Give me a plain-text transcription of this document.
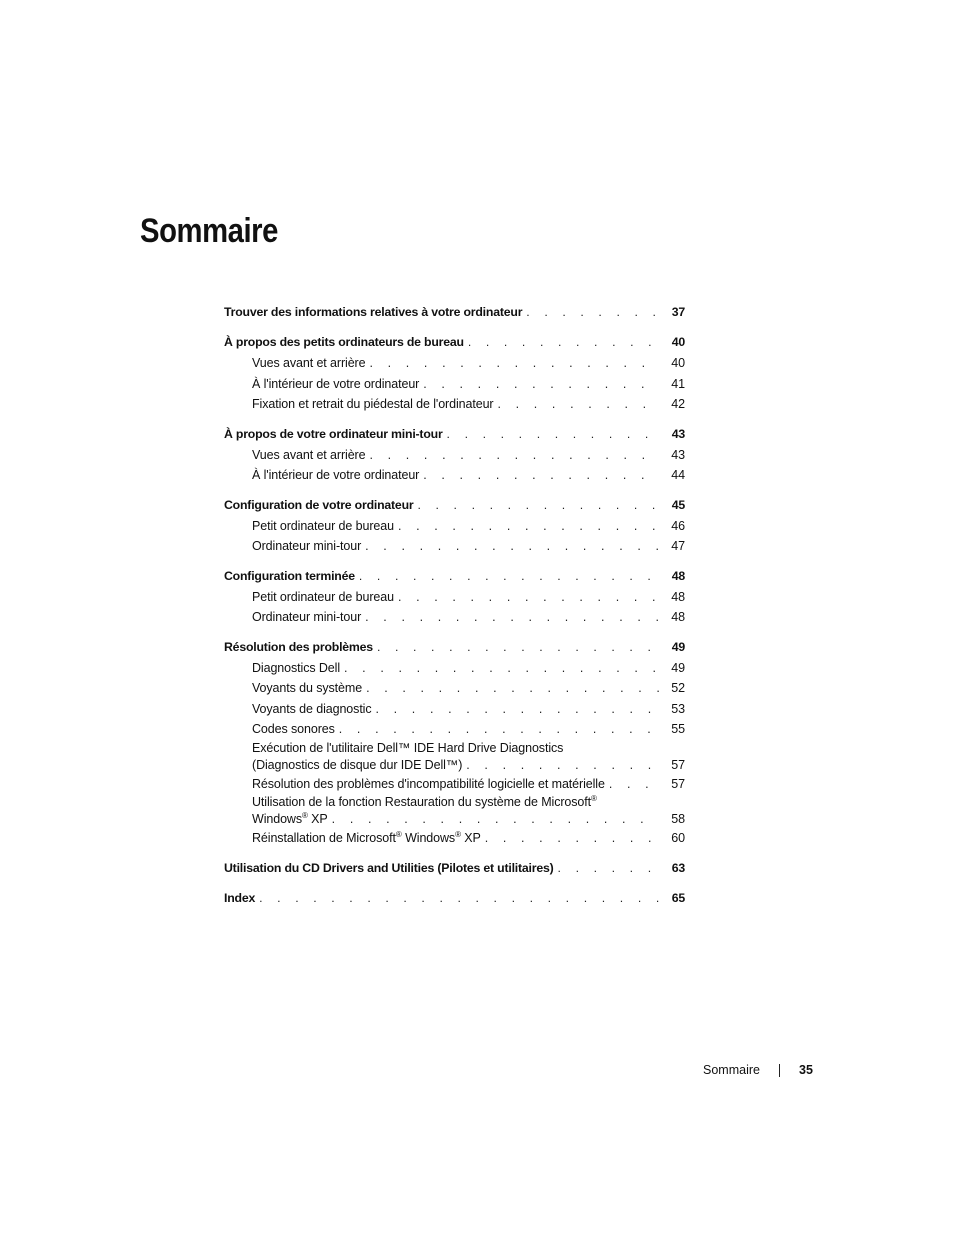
Sommaire
Trouver des informations relatives à votre ordinateur . . .	37
À propos des petits ordinateurs de bureau . . .	40
Vues avant et arrière . . .	40
À l'intérieur de votre ordinateur . . .	41
Fixation et retrait du piédestal de l'ordinateur . . .	42
À propos de votre ordinateur mini-tour . . .	43
Vues avant et arrière . . .	43
À l'intérieur de votre ordinateur . . .	44
Configuration de votre ordinateur . . .	45
Petit ordinateur de bureau . . .	46
Ordinateur mini-tour . . .	47
Configuration terminée . . .	48
Petit ordinateur de bureau . . .	48
Ordinateur mini-tour . . .	48
Résolution des problèmes . . .	49
Diagnostics Dell . . .	49
Voyants du système . . .	52
Voyants de diagnostic . . .	53
Codes sonores . . .	55
Exécution de l'utilitaire Dell™ IDE Hard Drive Diagnostics
(Diagnostics de disque dur IDE Dell™) . . .	57
Résolution des problèmes d'incompatibilité logicielle et matérielle . . .	57
Utilisation de la fonction Restauration du système de Microsoft®
Windows® XP . . .	58
Réinstallation de Microsoft® Windows® XP . . .	60
Utilisation du CD Drivers and Utilities (Pilotes et utilitaires) . . .	63
Index . . .	65
Sommaire	35
